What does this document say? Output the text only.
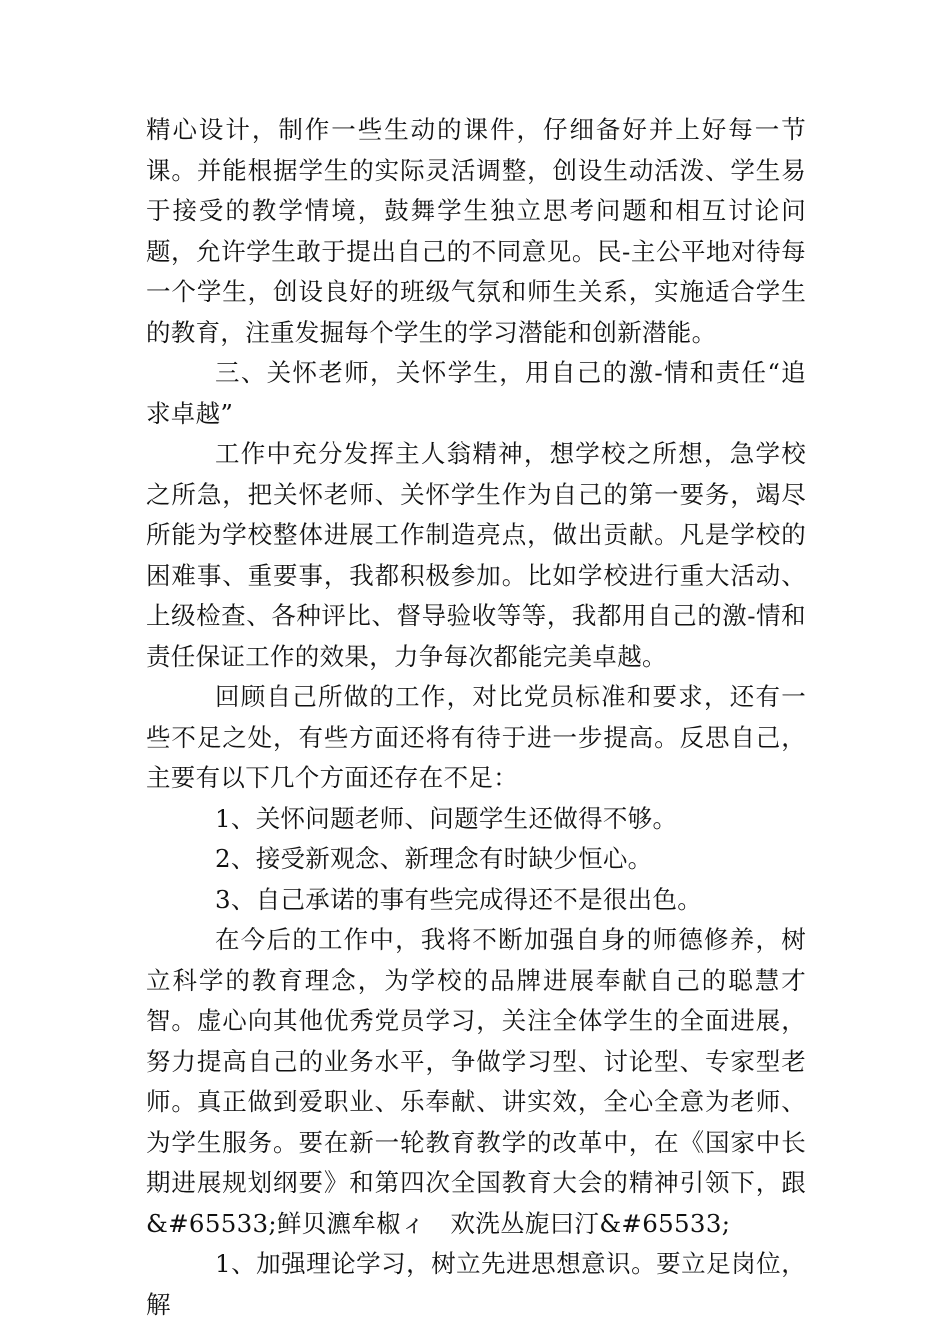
精心设计，制作一些生动的课件，仔细备好并上好每一节课。并能根据学生的实际灵活调整，创设生动活泼、学生易于接受的教学情境，鼓舞学生独立思考问题和相互讨论问题，允许学生敢于提出自己的不同意见。民-主公平地对待每一个学生，创设良好的班级气氛和师生关系，实施适合学生的教育，注重发掘每个学生的学习潜能和创新潜能。

三、关怀老师，关怀学生，用自己的激-情和责任“追求卓越”

工作中充分发挥主人翁精神，想学校之所想，急学校之所急，把关怀老师、关怀学生作为自己的第一要务，竭尽所能为学校整体进展工作制造亮点，做出贡献。凡是学校的困难事、重要事，我都积极参加。比如学校进行重大活动、上级检查、各种评比、督导验收等等，我都用自己的激-情和责任保证工作的效果，力争每次都能完美卓越。

回顾自己所做的工作，对比党员标准和要求，还有一些不足之处，有些方面还将有待于进一步提高。反思自己，主要有以下几个方面还存在不足：

1、关怀问题老师、问题学生还做得不够。

2、接受新观念、新理念有时缺少恒心。

3、自己承诺的事有些完成得还不是很出色。

在今后的工作中，我将不断加强自身的师德修养，树立科学的教育理念，为学校的品牌进展奉献自己的聪慧才智。虚心向其他优秀党员学习，关注全体学生的全面进展，努力提高自己的业务水平，争做学习型、讨论型、专家型老师。真正做到爱职业、乐奉献、讲实效，全心全意为老师、为学生服务。要在新一轮教育教学的改革中，在《国家中长期进展规划纲要》和第四次全国教育大会的精神引领下，跟&#65533;鲜贝瀌牟椒ィ　欢洗丛旎曰汀&#65533;

1、加强理论学习，树立先进思想意识。要立足岗位，解
